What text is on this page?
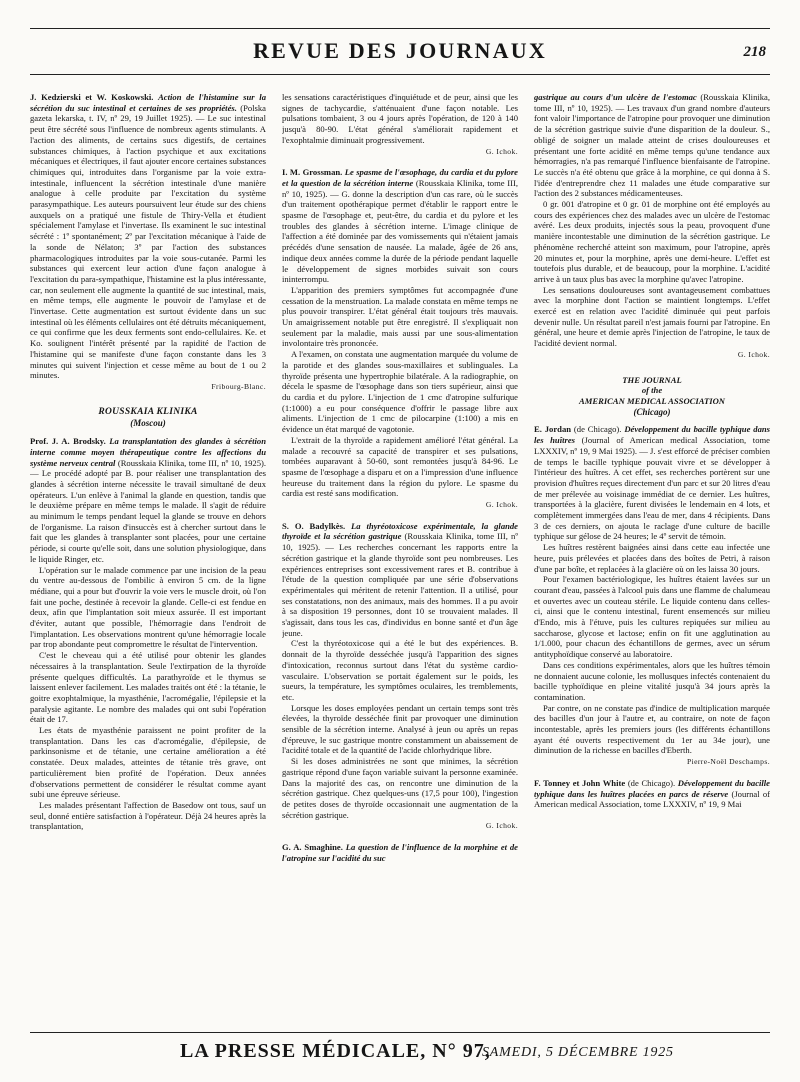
REVUE DES JOURNAUX	218

J. Kedzierski et W. Koskowski. Action de l'histamine sur la sécrétion du suc intestinal et certaines de ses propriétés. (Polska gazeta lekarska, t. IV, nº 29, 19 Juillet 1925). — Le suc intestinal peut être sécrété sous l'influence de nombreux agents stimulants. A l'action des aliments, de certains sucs digestifs, de certaines substances chimiques, à l'action psychique et aux excitations mécaniques et électriques, il faut ajouter encore certaines substances chimiques qui, introduites dans l'organisme par la voie extra-intestinale, influencent la sécrétion intestinale d'une manière analogue à celle produite par l'excitation du système parasympathique. Les auteurs poursuivent leur étude sur des chiens auxquels on a pratiqué une fistule de Thiry-Vella et étudient spécialement l'amylase et l'invertase. Ils examinent le suc intestinal sécrété : 1º spontanément; 2º par l'excitation mécanique à l'aide de la sonde de Nélaton; 3º par l'action des substances pharmacologiques introduites par la voie sous-cutanée. Parmi les substances qui exercent leur action d'une façon analogue à l'excitation du para-sympathique, l'histamine est la plus intéressante, car, non seulement elle augmente la quantité de suc intestinal, mais, en même temps, elle augmente le pouvoir de l'amylase et de l'invertase. Cette augmentation est surtout évidente dans un suc intestinal où les éléments cellulaires ont été détruits mécaniquement, ce qui confirme que les deux ferments sont endo-cellulaires. Ke. et Ko. soulignent l'intérêt présenté par la rapidité de l'action de l'histamine qui se manifeste d'une façon constante dans les 3 minutes qui suivent l'injection et cesse même au bout de 1 ou 2 minutes.

Fribourg-Blanc.

ROUSSKAIA KLINIKA
(Moscou)

Prof. J. A. Brodsky. La transplantation des glandes à sécrétion interne comme moyen thérapeutique contre les affections du système nerveux central (Rousskaia Klinika, tome III, nº 10, 1925). — Le procédé adopté par B. pour réaliser une transplantation des glandes à sécrétion interne nécessite le travail simultané de deux opérateurs. L'un enlève à l'animal la glande en question, tandis que le deuxième prépare en même temps le malade. Il s'agit de réduire au minimum le temps pendant lequel la glande se trouve en dehors de l'organisme. La raison d'insuccès est à chercher surtout dans le fait que les glandes à transplanter sont placées, pour une certaine période, si courte qu'elle soit, dans une solution physiologique, dans le liquide Ringer, etc.

L'opération sur le malade commence par une incision de la peau du ventre au-dessous de l'ombilic à environ 5 cm. de la ligne médiane, qui a pour but d'ouvrir la voie vers le muscle droit, où l'on fait une poche, destinée à recevoir la glande. Celle-ci est fendue en deux, afin que l'implantation soit mieux assurée. Il est important d'éviter, autant que possible, l'hémorragie dans l'endroit de l'implantation. Les observations montrent qu'une hémorragie locale par trop abondante peut compromettre le résultat de l'intervention.

C'est le cheveau qui a été utilisé pour obtenir les glandes nécessaires à la transplantation. Seule l'extirpation de la thyroïde présente quelques difficultés. La parathyroïde et le thymus se laissent enlever facilement. Les malades traités ont été : la tétanie, le goitre exophtalmique, la myasthénie, l'acromégalie, l'épilepsie et la paralysie agitante. Le nombre des malades qui ont subi l'opération était de 17.

Les états de myasthénie paraissent ne point profiter de la transplantation. Dans les cas d'acromégalie, d'épilepsie, de parkinsonisme et de tétanie, une certaine amélioration a été constatée. Deux malades, atteintes de tétanie très grave, ont particulièrement bien profité de l'opération. Deux années d'observations permettent de considérer le résultat comme ayant subi une épreuve sérieuse.

Les malades présentant l'affection de Basedow ont tous, sauf un seul, donné entière satisfaction à l'opérateur. Déjà 24 heures après la transplantation,

les sensations caractéristiques d'inquiétude et de peur, ainsi que les signes de tachycardie, s'atténuaient d'une façon notable. Les pulsations tombaient, 3 ou 4 jours après l'opération, de 120 à 140 jusqu'à 80-90. L'état général s'améliorait rapidement et l'exophtalmie diminuait progressivement.

G. Ichok.

I. M. Grossman. Le spasme de l'œsophage, du cardia et du pylore et la question de la sécrétion interne (Rousskaia Klinika, tome III, nº 10, 1925). — G. donne la description d'un cas rare, où le succès d'un traitement opothérapique permet d'établir le rapport entre le spasme de l'œsophage et, peut-être, du cardia et du pylore et les troubles des glandes à sécrétion interne. L'image clinique de l'affection a été dominée par des vomissements qui n'étaient jamais précédés d'une sensation de nausée. La malade, âgée de 26 ans, indique deux années comme la durée de la période pendant laquelle le développement de signes morbides suivait son cours ininterrompu.

L'apparition des premiers symptômes fut accompagnée d'une cessation de la menstruation. La malade constata en même temps ne plus pouvoir transpirer. L'état général était toujours très mauvais. Un amaigrissement notable put être enregistré. Il s'expliquait non seulement par la maladie, mais aussi par une sous-alimentation involontaire très prononcée.

A l'examen, on constata une augmentation marquée du volume de la parotide et des glandes sous-maxillaires et sublinguales. La thyroïde présenta une hypertrophie bilatérale. A la radiographie, on décela le spasme de l'œsophage dans son tiers supérieur, ainsi que du cardia et du pylore. L'injection de 1 cmc d'atropine sulfurique (1:1000) a eu pour conséquence d'offrir le passage libre aux aliments. L'injection de 1 cmc de pilocarpine (1:100) a mis en évidence un état marqué de vagotonie.

L'extrait de la thyroïde a rapidement amélioré l'état général. La malade a recouvré sa capacité de transpirer et ses pulsations, tombées auparavant à 50-60, sont remontées jusqu'à 84-96. Le spasme de l'œsophage a disparu et on a l'impression d'une influence heureuse du traitement dans la région du pylore. Le spasme du cardia est resté sans modification.

G. Ichok.

S. O. Badylkès. La thyréotoxicose expérimentale, la glande thyroïde et la sécrétion gastrique (Rousskaia Klinika, tome III, nº 10, 1925). — Les recherches concernant les rapports entre la sécrétion gastrique et la glande thyroïde sont peu nombreuses. Les expériences entreprises sont excessivement rares et B. contribue à l'étude de la question compliquée par une série d'observations expérimentales qui méritent de retenir l'attention. Il a utilisé, pour ses constatations, non des animaux, mais des hommes. Il a pu avoir à sa disposition 19 personnes, dont 10 se trouvaient malades. Il s'agissait, dans tous les cas, d'individus en bonne santé et d'un âge jeune.

C'est la thyréotoxicose qui a été le but des expériences. B. donnait de la thyroïde desséchée jusqu'à l'apparition des signes d'intoxication, reconnus surtout dans l'état du système cardio-vasculaire. L'observation se portait également sur le poids, les sueurs, la température, les symptômes oculaires, les tremblements, etc.

Lorsque les doses employées pendant un certain temps sont très élevées, la thyroïde desséchée finit par provoquer une diminution sensible de la sécrétion interne. Analysé à jeun ou après un repas d'épreuve, le suc gastrique montre constamment un abaissement de l'acidité totale et de la quantité de l'acide chlorhydrique libre.

Si les doses administrées ne sont que minimes, la sécrétion gastrique répond d'une façon variable suivant la personne examinée. Dans la majorité des cas, on rencontre une diminution de la sécrétion gastrique. Chez quelques-uns (17,5 pour 100), l'ingestion de petites doses de thyroïde occasionnait une augmentation de la sécrétion gastrique.

G. Ichok.

G. A. Smaghine. La question de l'influence de la morphine et de l'atropine sur l'acidité du suc

gastrique au cours d'un ulcère de l'estomac (Rousskaia Klinika, tome III, nº 10, 1925). — Les travaux d'un grand nombre d'auteurs font valoir l'importance de l'atropine pour provoquer une diminution de la sécrétion gastrique suivie d'une disparition de la douleur. S., obligé de soigner un malade atteint de crises douloureuses et présentant une forte acidité en même temps qu'une tendance aux hémorragies, n'a pas remarqué l'influence bienfaisante de l'atropine. Le succès n'a été obtenu que grâce à la morphine, ce qui donna à S. l'idée d'entreprendre chez 11 malades une étude comparative sur l'action des 2 substances médicamenteuses.

0 gr. 001 d'atropine et 0 gr. 01 de morphine ont été employés au cours des expériences chez des malades avec un ulcère de l'estomac avéré. Les deux produits, injectés sous la peau, provoquent d'une manière incontestable une diminution de la sécrétion gastrique. Le phénomène recherché atteint son maximum, pour l'atropine, après 20 minutes et, pour la morphine, après une demi-heure. L'effet est toutefois plus durable, et de beaucoup, pour la morphine. L'acidité arrive à un taux plus bas avec la morphine qu'avec l'atropine.

Les sensations douloureuses sont avantageusement combattues avec la morphine dont l'action se maintient longtemps. L'effet exercé est en relation avec l'acidité diminuée qui peut parfois devenir nulle. Un résultat pareil n'est jamais fourni par l'atropine. En général, une heure et demie après l'injection de l'atropine, le taux de l'acidité devient normal.

G. Ichok.

THE JOURNAL
of the
AMERICAN MEDICAL ASSOCIATION
(Chicago)

E. Jordan (de Chicago). Développement du bacille typhique dans les huîtres (Journal of American medical Association, tome LXXXIV, nº 19, 9 Mai 1925). — J. s'est efforcé de préciser combien de temps le bacille typhique pouvait vivre et se développer à l'intérieur des huîtres. A cet effet, ses recherches portèrent sur une provision d'huîtres reçues directement d'un parc et sur 20 litres d'eau de mer prélevée au voisinage immédiat de ce dernier. Les huîtres, transportées à la glacière, furent divisées le lendemain en 4 lots, et complètement immergées dans l'eau de mer, dans 4 récipients. Dans 3 de ces derniers, on ajouta le raclage d'une culture de bacille typhique sur gélose de 24 heures; le 4º servit de témoin.

Les huîtres restèrent baignées ainsi dans cette eau infectée une heure, puis prélevées et placées dans des boîtes de Petri, à raison d'une par boîte, et replacées à la glacière où on les laissa 30 jours.

Pour l'examen bactériologique, les huîtres étaient lavées sur un courant d'eau, passées à l'alcool puis dans une flamme de chalumeau et ouvertes avec un couteau stérile. Le liquide contenu dans celles-ci, ainsi que le contenu intestinal, furent ensemencés sur milieu d'Endo, mis à l'étuve, puis les cultures repiquées sur milieu au saccharose, glycose et lactose; enfin on fit une agglutination au 1/1.000, pour chacun des échantillons de germes, avec un sérum antityphoïdique conservé au laboratoire.

Dans ces conditions expérimentales, alors que les huîtres témoin ne donnaient aucune colonie, les mollusques infectés contenaient du bacille typhoïdique en pleine vitalité jusqu'à 34 jours après la contamination.

Par contre, on ne constate pas d'indice de multiplication marquée des bacilles d'un jour à l'autre et, au contraire, on note de façon incontestable, après les premiers jours (les différents échantillons ayant été ouverts respectivement du 1er au 34e jour), une diminution de la richesse en bacilles d'Eberth.

Pierre-Noël Deschamps.

F. Tonney et John White (de Chicago). Développement du bacille typhique dans les huîtres placées en parcs de réserve (Journal of American medical Association, tome LXXXIV, nº 19, 9 Mai

LA PRESSE MÉDICALE, N° 97,
SAMEDI, 5 DÉCEMBRE 1925
